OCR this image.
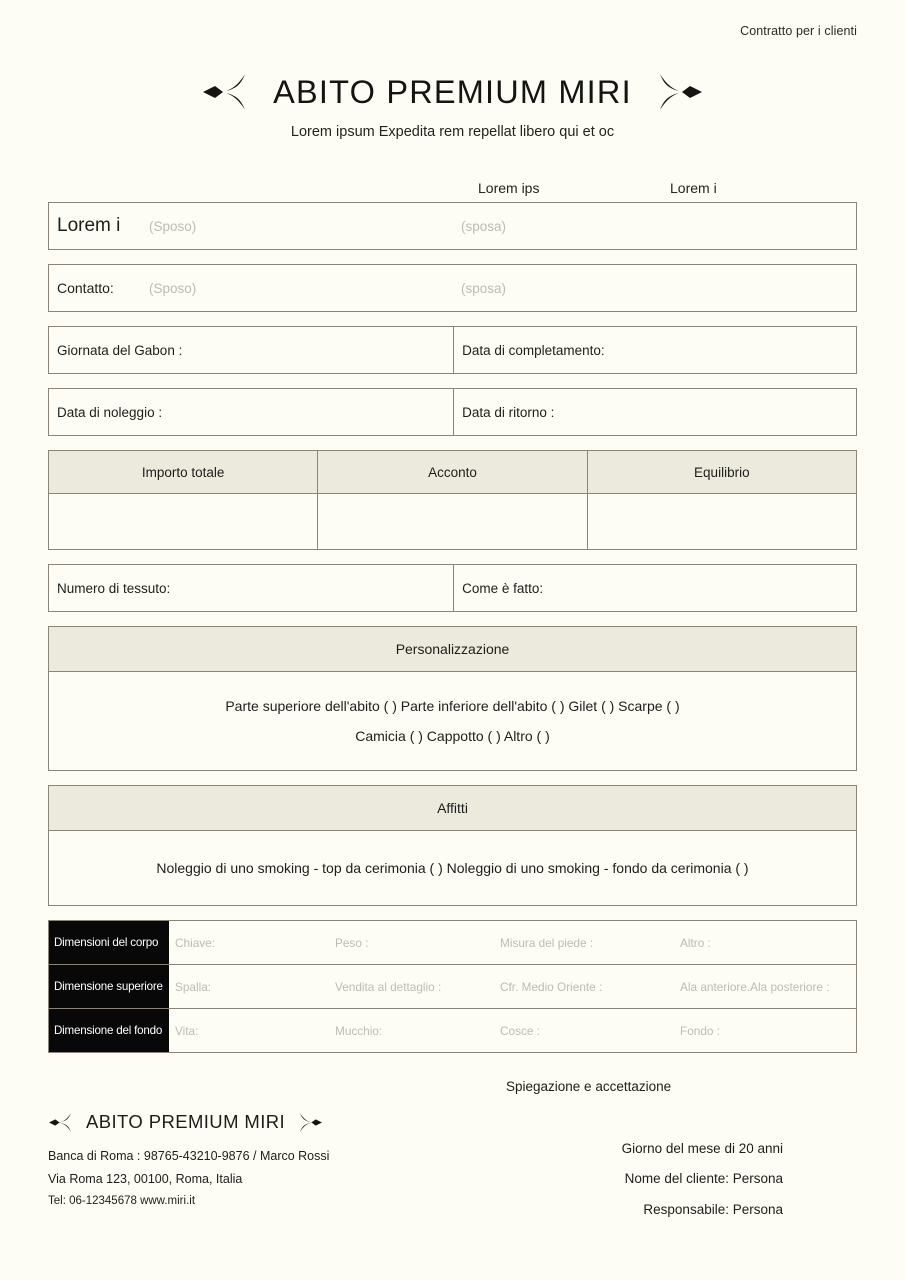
Contratto per i clienti
ABITO PREMIUM MIRI
Lorem ipsum Expedita rem repellat libero qui et oc
Lorem ips	Lorem i
Lorem i (Sposo)	(sposa)
Contatto:	(Sposo)	(sposa)
Giornata del Gabon :	Data di completamento:
Data di noleggio :	Data di ritorno :
Importo totale	Acconto	Equilibrio
Numero di tessuto:	Come è fatto:
Personalizzazione
Parte superiore dell'abito ( ) Parte inferiore dell'abito ( ) Gilet ( ) Scarpe ( )
Camicia ( ) Cappotto ( ) Altro ( )
Affitti
Noleggio di uno smoking - top da cerimonia ( ) Noleggio di uno smoking - fondo da cerimonia ( )
Dimensioni del corpo	Chiave:	Peso :	Misura del piede :	Altro :
Dimensione superiore	Spalla:	Vendita al dettaglio :	Cfr. Medio Oriente :	Ala anteriore.Ala posteriore :
Dimensione del fondo	Vita:	Mucchio:	Cosce :	Fondo :
Spiegazione e accettazione
ABITO PREMIUM MIRI
Banca di Roma : 98765-43210-9876 / Marco Rossi
Via Roma 123, 00100, Roma, Italia
Tel: 06-12345678 www.miri.it
Giorno del mese di 20 anni
Nome del cliente: Persona
Responsabile: Persona
